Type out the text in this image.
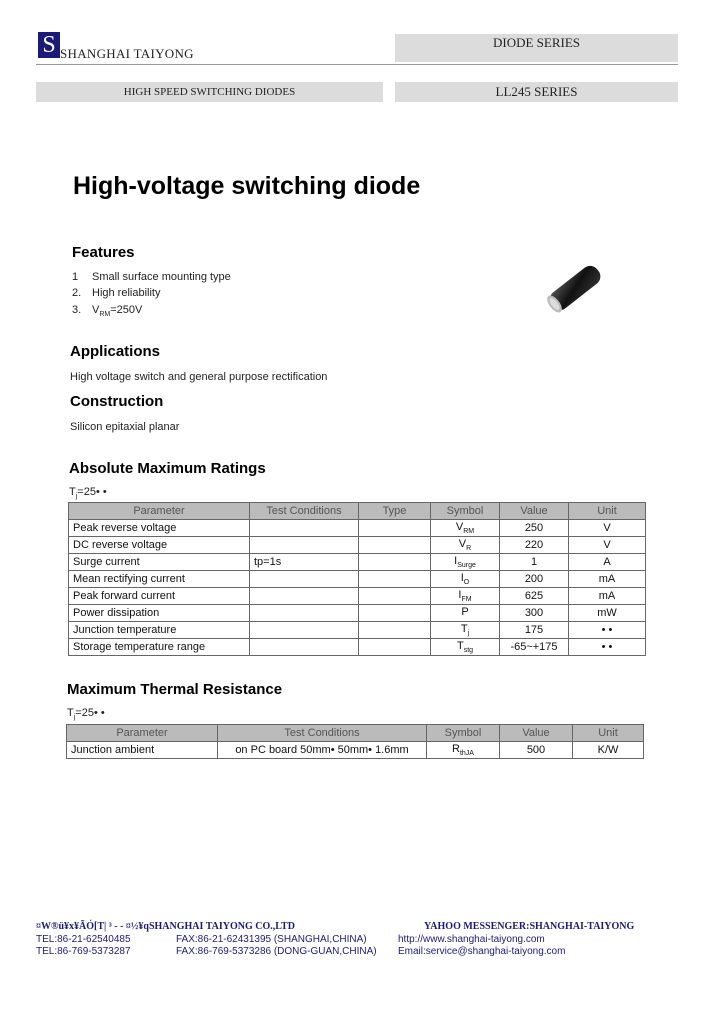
S SHANGHAI TAIYONG
DIODE SERIES
HIGH SPEED SWITCHING DIODES	LL245 SERIES
High-voltage switching diode
Features
1 Small surface mounting type
2. High reliability
3. $V_{RM}=250V$
Applications
High voltage switch and general purpose rectification
Construction
Silicon epitaxial planar
Absolute Maximum Ratings
$T_j=25•$ •
Parameter	Test Conditions	Type	Symbol	Value	Unit
Peak reverse voltage			$V_{RM}$	250	V
DC reverse voltage			$V_R$	220	V
Surge current	tp=1s		$I_{Surge}$	1	A
Mean rectifying current			$I_O$	200	mA
Peak forward current			$I_{FM}$	625	mA
Power dissipation			P	300	mW
Junction temperature			$T_j$	175	• •
Storage temperature range			$T_{stg}$	-65~+175	• •
Maximum Thermal Resistance
$T_j=25•$ •
Parameter	Test Conditions	Symbol	Value	Unit
Junction ambient	on PC board 50mm• 50mm• 1.6mm	$R_{thJA}$	500	K/W
¤W®ü¥x¥ÃÓ[T| ³ - - ¤½¥qSHANGHAI TAIYONG CO.,LTD	YAHOO MESSENGER:SHANGHAI-TAIYONG
TEL:86-21-62540485
TEL:86-769-5373287
FAX:86-21-62431395 (SHANGHAI,CHINA)
FAX:86-769-5373286 (DONG-GUAN,CHINA)
http://www.shanghai-taiyong.com
Email:service@shanghai-taiyong.com
